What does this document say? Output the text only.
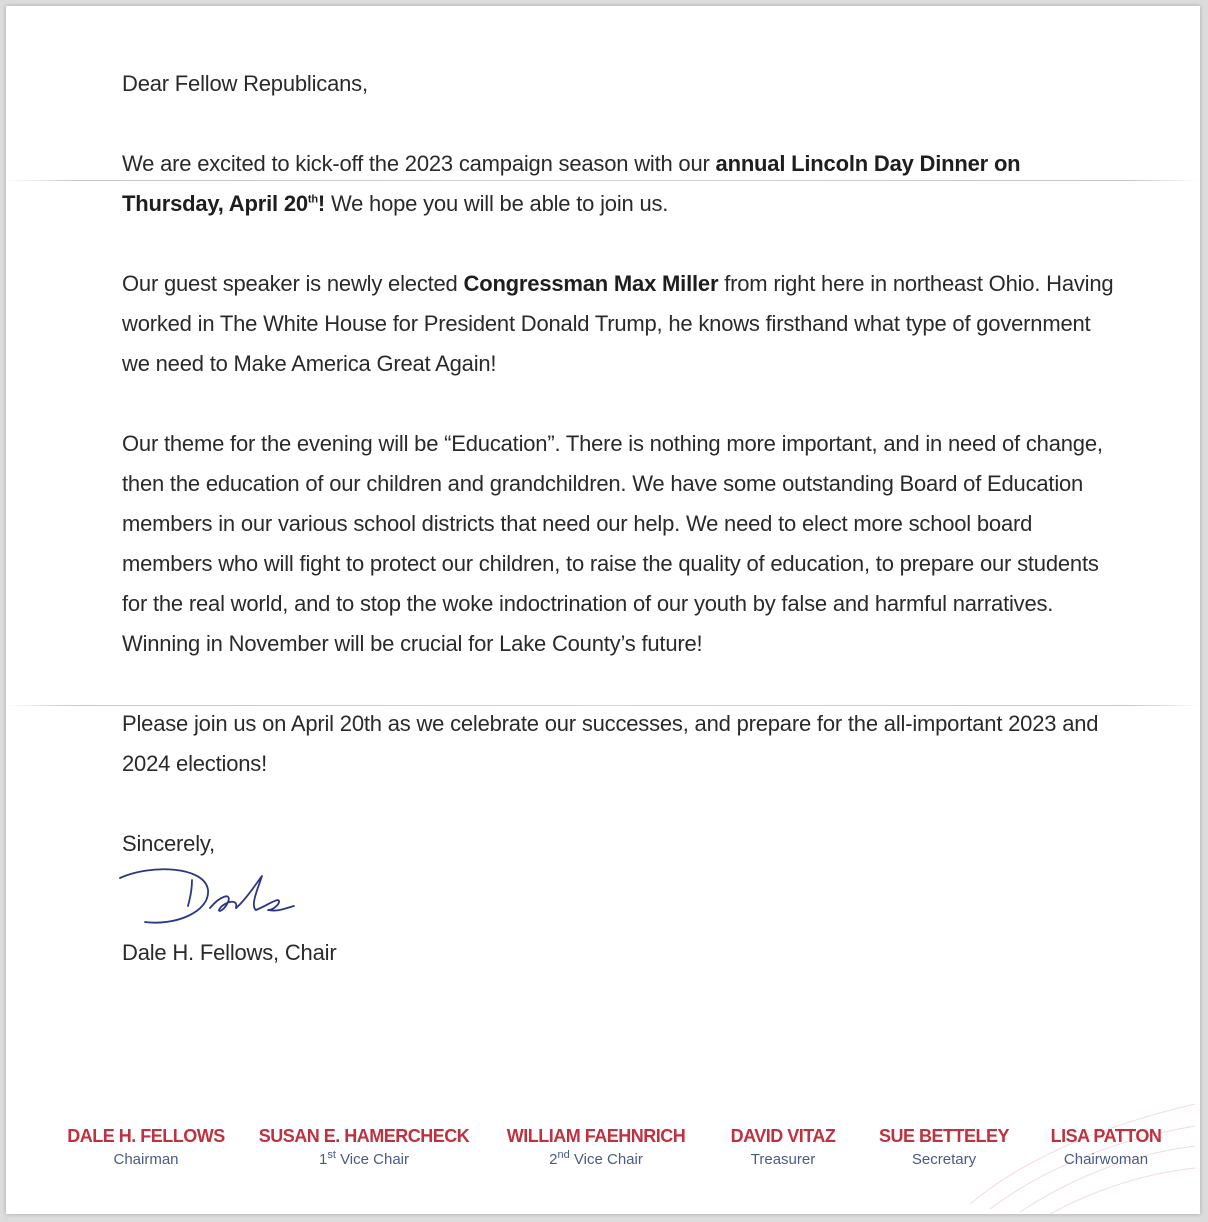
Dear Fellow Republicans,

We are excited to kick-off the 2023 campaign season with our annual Lincoln Day Dinner on Thursday, April 20th! We hope you will be able to join us.

Our guest speaker is newly elected Congressman Max Miller from right here in northeast Ohio. Having worked in The White House for President Donald Trump, he knows firsthand what type of government we need to Make America Great Again!

Our theme for the evening will be “Education”. There is nothing more important, and in need of change, then the education of our children and grandchildren. We have some outstanding Board of Education members in our various school districts that need our help. We need to elect more school board members who will fight to protect our children, to raise the quality of education, to prepare our students for the real world, and to stop the woke indoctrination of our youth by false and harmful narratives. Winning in November will be crucial for Lake County’s future!

Please join us on April 20th as we celebrate our successes, and prepare for the all-important 2023 and 2024 elections!

Sincerely,

Dale H. Fellows, Chair
DALE H. FELLOWS
Chairman
SUSAN E. HAMERCHECK
1st Vice Chair
WILLIAM FAEHNRICH
2nd Vice Chair
DAVID VITAZ
Treasurer
SUE BETTELEY
Secretary
LISA PATTON
Chairwoman
